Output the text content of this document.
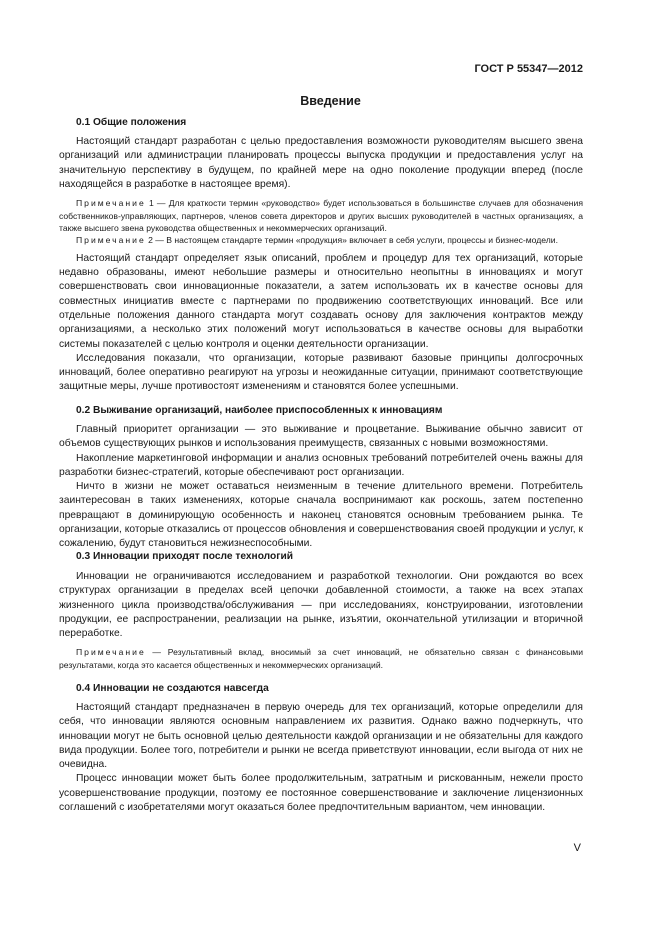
ГОСТ Р 55347—2012
Введение
0.1 Общие положения

Настоящий стандарт разработан с целью предоставления возможности руководителям высшего звена организаций или администрации планировать процессы выпуска продукции и предоставления услуг на значительную перспективу в будущем, по крайней мере на одно поколение продукции вперед (после находящейся в разработке в настоящее время).

Примечание 1 — Для краткости термин «руководство» будет использоваться в большинстве случаев для обозначения собственников-управляющих, партнеров, членов совета директоров и других высших руководителей в частных организациях, а также высшего звена руководства общественных и некоммерческих организаций.

Примечание 2 — В настоящем стандарте термин «продукция» включает в себя услуги, процессы и бизнес-модели.

Настоящий стандарт определяет язык описаний, проблем и процедур для тех организаций, которые недавно образованы, имеют небольшие размеры и относительно неопытны в инновациях и могут совершенствовать свои инновационные показатели, а затем использовать их в качестве основы для совместных инициатив вместе с партнерами по продвижению соответствующих инноваций. Все или отдельные положения данного стандарта могут создавать основу для заключения контрактов между организациями, а несколько этих положений могут использоваться в качестве основы для выработки системы показателей с целью контроля и оценки деятельности организации.

Исследования показали, что организации, которые развивают базовые принципы долгосрочных инноваций, более оперативно реагируют на угрозы и неожиданные ситуации, принимают соответствующие защитные меры, лучше противостоят изменениям и становятся более успешными.

0.2 Выживание организаций, наиболее приспособленных к инновациям

Главный приоритет организации — это выживание и процветание. Выживание обычно зависит от объемов существующих рынков и использования преимуществ, связанных с новыми возможностями.

Накопление маркетинговой информации и анализ основных требований потребителей очень важны для разработки бизнес-стратегий, которые обеспечивают рост организации.

Ничто в жизни не может оставаться неизменным в течение длительного времени. Потребитель заинтересован в таких изменениях, которые сначала воспринимают как роскошь, затем постепенно превращают в доминирующую особенность и наконец становятся основным требованием рынка. Те организации, которые отказались от процессов обновления и совершенствования своей продукции и услуг, к сожалению, будут становиться нежизнеспособными.

0.3 Инновации приходят после технологий

Инновации не ограничиваются исследованием и разработкой технологии. Они рождаются во всех структурах организации в пределах всей цепочки добавленной стоимости, а также на всех этапах жизненного цикла производства/обслуживания — при исследованиях, конструировании, изготовлении продукции, ее распространении, реализации на рынке, изъятии, окончательной утилизации и вторичной переработке.

Примечание — Результативный вклад, вносимый за счет инноваций, не обязательно связан с финансовыми результатами, когда это касается общественных и некоммерческих организаций.

0.4 Инновации не создаются навсегда

Настоящий стандарт предназначен в первую очередь для тех организаций, которые определили для себя, что инновации являются основным направлением их развития. Однако важно подчеркнуть, что инновации могут не быть основной целью деятельности каждой организации и не обязательны для каждого вида продукции. Более того, потребители и рынки не всегда приветствуют инновации, если выгода от них не очевидна.

Процесс инновации может быть более продолжительным, затратным и рискованным, нежели просто усовершенствование продукции, поэтому ее постоянное совершенствование и заключение лицензионных соглашений с изобретателями могут оказаться более предпочтительным вариантом, чем инновации.

V
